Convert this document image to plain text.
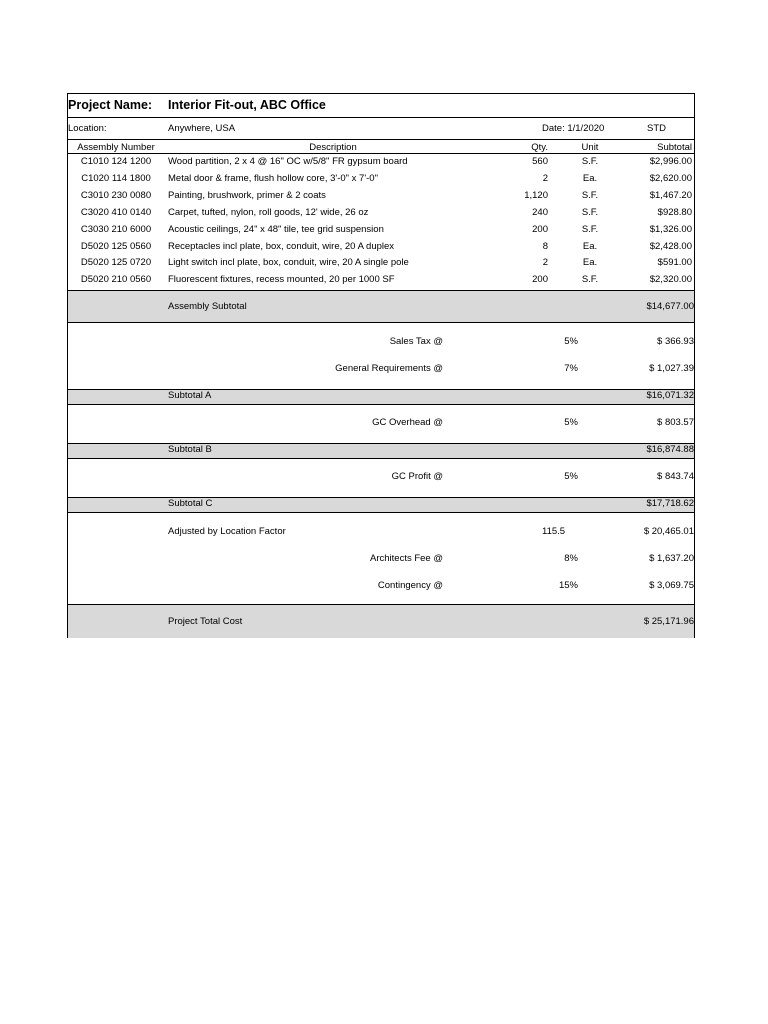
Project Name: Interior Fit-out, ABC Office
Location:	Anywhere, USA	Date: 1/1/2020	STD
Assembly Number	Description	Qty.	Unit	Subtotal
C1010 124 1200	Wood partition, 2 x 4 @ 16" OC w/5/8" FR gypsum board	560	S.F.	$2,996.00
C1020 114 1800	Metal door & frame, flush hollow core, 3'-0" x 7'-0"	2	Ea.	$2,620.00
C3010 230 0080	Painting, brushwork, primer & 2 coats	1,120	S.F.	$1,467.20
C3020 410 0140	Carpet, tufted, nylon, roll goods, 12' wide, 26 oz	240	S.F.	$928.80
C3030 210 6000	Acoustic ceilings, 24" x 48" tile, tee grid suspension	200	S.F.	$1,326.00
D5020 125 0560	Receptacles incl plate, box, conduit, wire, 20 A duplex	8	Ea.	$2,428.00
D5020 125 0720	Light switch incl plate, box, conduit, wire, 20 A single pole	2	Ea.	$591.00
D5020 210 0560	Fluorescent fixtures, recess mounted, 20 per 1000 SF	200	S.F.	$2,320.00
Assembly Subtotal	$14,677.00
Sales Tax @	5%	$ 366.93
General Requirements @	7%	$ 1,027.39
Subtotal A	$16,071.32
GC Overhead @	5%	$ 803.57
Subtotal B	$16,874.88
GC Profit @	5%	$ 843.74
Subtotal C	$17,718.62
Adjusted by Location Factor	115.5	$ 20,465.01
Architects Fee @	8%	$ 1,637.20
Contingency @	15%	$ 3,069.75
Project Total Cost	$ 25,171.96
